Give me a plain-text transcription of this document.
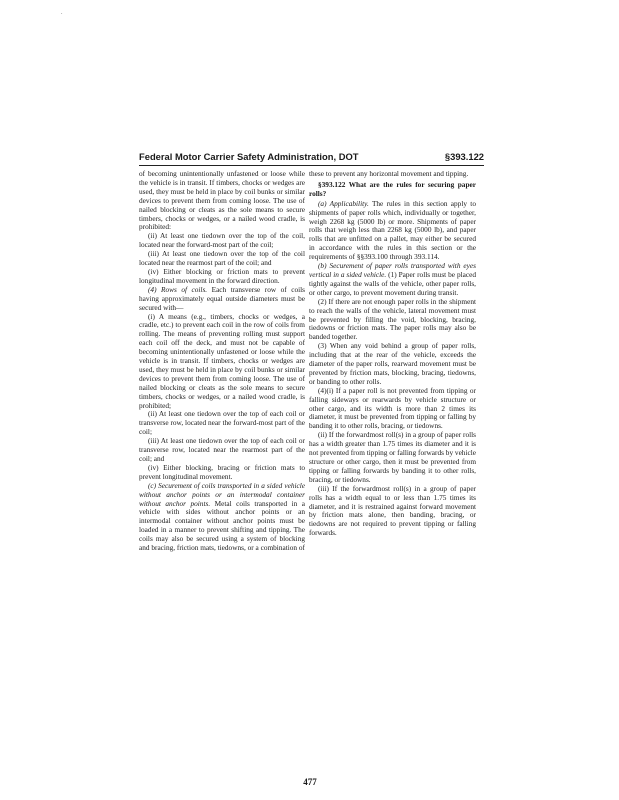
.
Federal Motor Carrier Safety Administration, DOT	§393.122

of becoming unintentionally unfastened or loose while the vehicle is in transit. If timbers, chocks or wedges are used, they must be held in place by coil bunks or similar devices to prevent them from coming loose. The use of nailed blocking or cleats as the sole means to secure timbers, chocks or wedges, or a nailed wood cradle, is prohibited:

(ii) At least one tiedown over the top of the coil, located near the forward-most part of the coil;

(iii) At least one tiedown over the top of the coil located near the rearmost part of the coil; and

(iv) Either blocking or friction mats to prevent longitudinal movement in the forward direction.

(4) Rows of coils. Each transverse row of coils having approximately equal outside diameters must be secured with—

(i) A means (e.g., timbers, chocks or wedges, a cradle, etc.) to prevent each coil in the row of coils from rolling. The means of preventing rolling must support each coil off the deck, and must not be capable of becoming unintentionally unfastened or loose while the vehicle is in transit. If timbers, chocks or wedges are used, they must be held in place by coil bunks or similar devices to prevent them from coming loose. The use of nailed blocking or cleats as the sole means to secure timbers, chocks or wedges, or a nailed wood cradle, is prohibited;

(ii) At least one tiedown over the top of each coil or transverse row, located near the forward-most part of the coil;

(iii) At least one tiedown over the top of each coil or transverse row, located near the rearmost part of the coil; and

(iv) Either blocking, bracing or friction mats to prevent longitudinal movement.

(c) Securement of coils transported in a sided vehicle without anchor points or an intermodal container without anchor points. Metal coils transported in a vehicle with sides without anchor points or an intermodal container without anchor points must be loaded in a manner to prevent shifting and tipping. The coils may also be secured using a system of blocking and bracing, friction mats, tiedowns, or a combination of

these to prevent any horizontal movement and tipping.

§393.122 What are the rules for securing paper rolls?

(a) Applicability. The rules in this section apply to shipments of paper rolls which, individually or together, weigh 2268 kg (5000 lb) or more. Shipments of paper rolls that weigh less than 2268 kg (5000 lb), and paper rolls that are unfitted on a pallet, may either be secured in accordance with the rules in this section or the requirements of §§393.100 through 393.114.

(b) Securement of paper rolls transported with eyes vertical in a sided vehicle. (1) Paper rolls must be placed tightly against the walls of the vehicle, other paper rolls, or other cargo, to prevent movement during transit.

(2) If there are not enough paper rolls in the shipment to reach the walls of the vehicle, lateral movement must be prevented by filling the void, blocking, bracing, tiedowns or friction mats. The paper rolls may also be banded together.

(3) When any void behind a group of paper rolls, including that at the rear of the vehicle, exceeds the diameter of the paper rolls, rearward movement must be prevented by friction mats, blocking, bracing, tiedowns, or banding to other rolls.

(4)(i) If a paper roll is not prevented from tipping or falling sideways or rearwards by vehicle structure or other cargo, and its width is more than 2 times its diameter, it must be prevented from tipping or falling by banding it to other rolls, bracing, or tiedowns.

(ii) If the forwardmost roll(s) in a group of paper rolls has a width greater than 1.75 times its diameter and it is not prevented from tipping or falling forwards by vehicle structure or other cargo, then it must be prevented from tipping or falling forwards by banding it to other rolls, bracing, or tiedowns.

(iii) If the forwardmost roll(s) in a group of paper rolls has a width equal to or less than 1.75 times its diameter, and it is restrained against forward movement by friction mats alone, then banding, bracing, or tiedowns are not required to prevent tipping or falling forwards.

477
